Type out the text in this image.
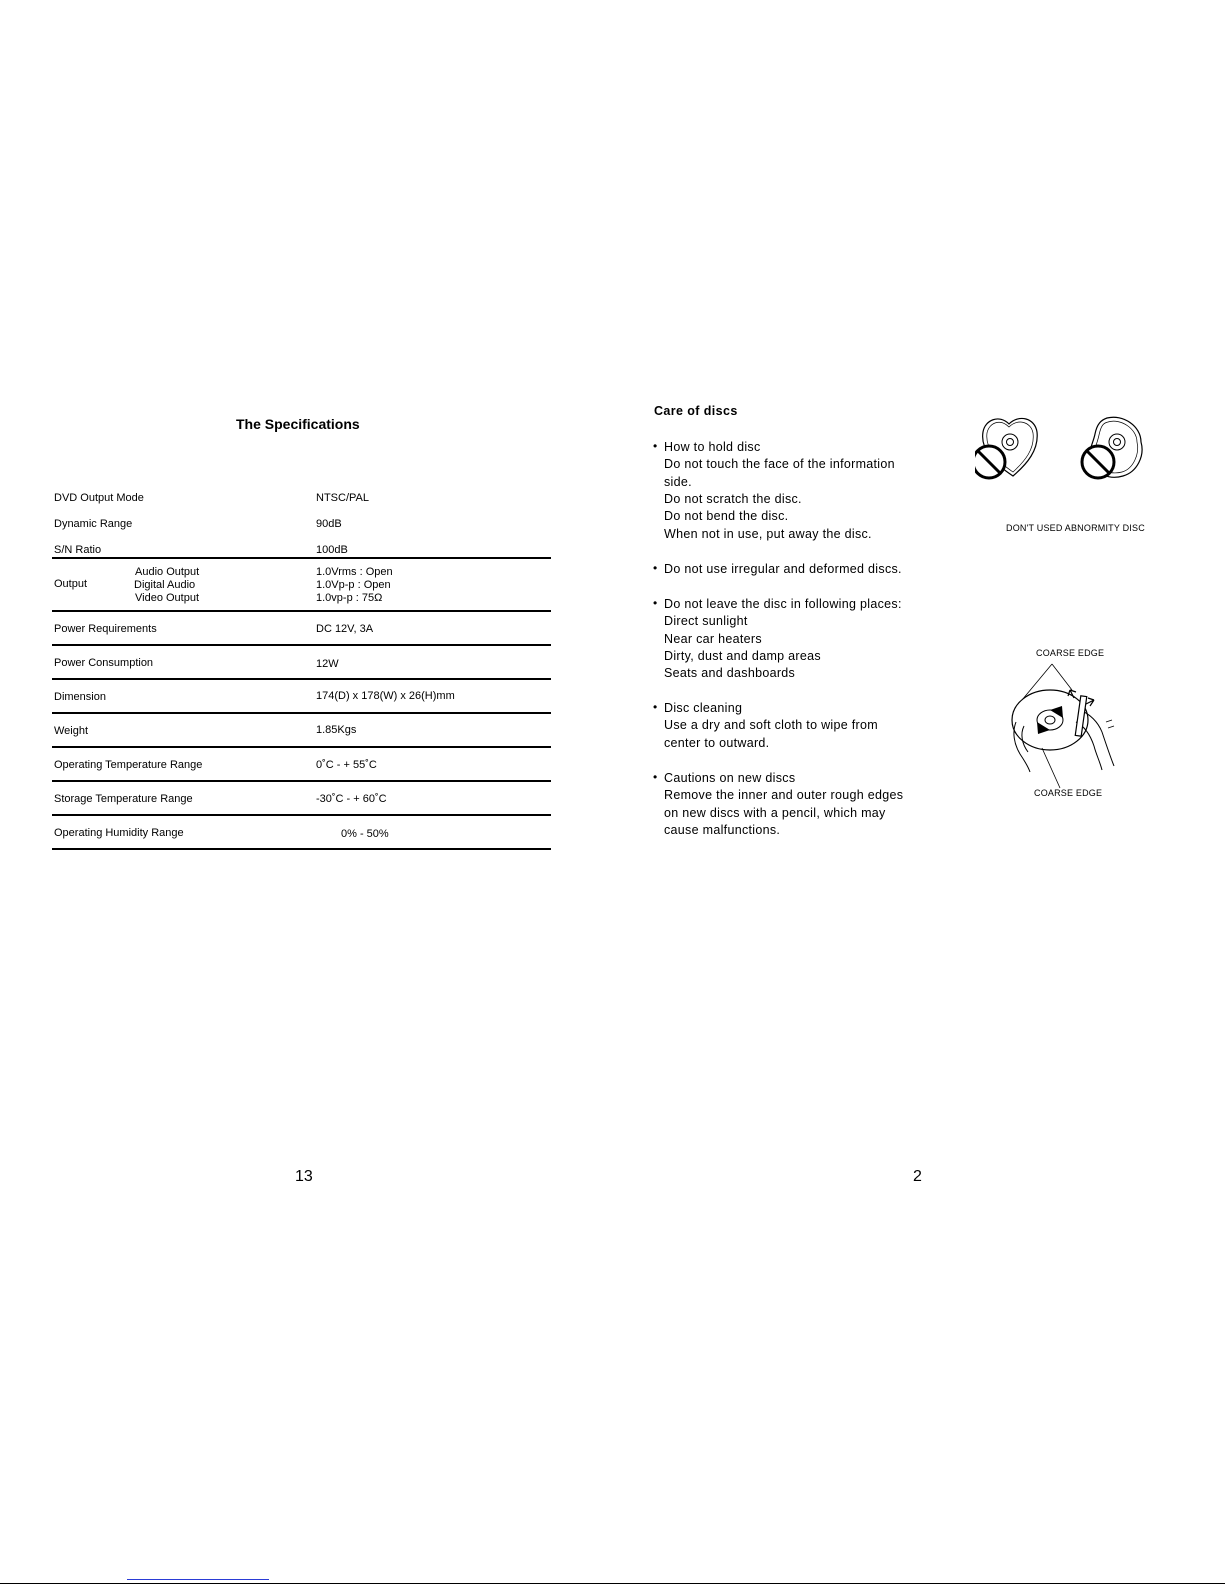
The Specifications
DVD Output Mode	NTSC/PAL
Dynamic Range	90dB
S/N Ratio	100dB
Output
Audio Output	1.0Vrms : Open
Digital Audio	1.0Vp-p : Open
Video Output	1.0vp-p : 75Ω
Power Requirements	DC 12V, 3A
Power Consumption	12W
Dimension	174(D) x 178(W) x 26(H)mm
Weight	1.85Kgs
Operating Temperature Range	0˚C - + 55˚C
Storage Temperature Range	-30˚C - + 60˚C
Operating Humidity Range	0% - 50%
13
Care of discs
• How to hold disc
Do not touch the face of the information
side.
Do not scratch the disc.
Do not bend the disc.
When not in use, put away the disc.
• Do not use irregular and deformed discs.
• Do not leave the disc in following places:
Direct sunlight
Near car heaters
Dirty, dust and damp areas
Seats and dashboards
• Disc cleaning
Use a dry and soft cloth to wipe from
center to outward.
• Cautions on new discs
Remove the inner and outer rough edges
on new discs with a pencil, which may
cause malfunctions.
DON'T USED ABNORMITY DISC
COARSE EDGE
COARSE EDGE
2
